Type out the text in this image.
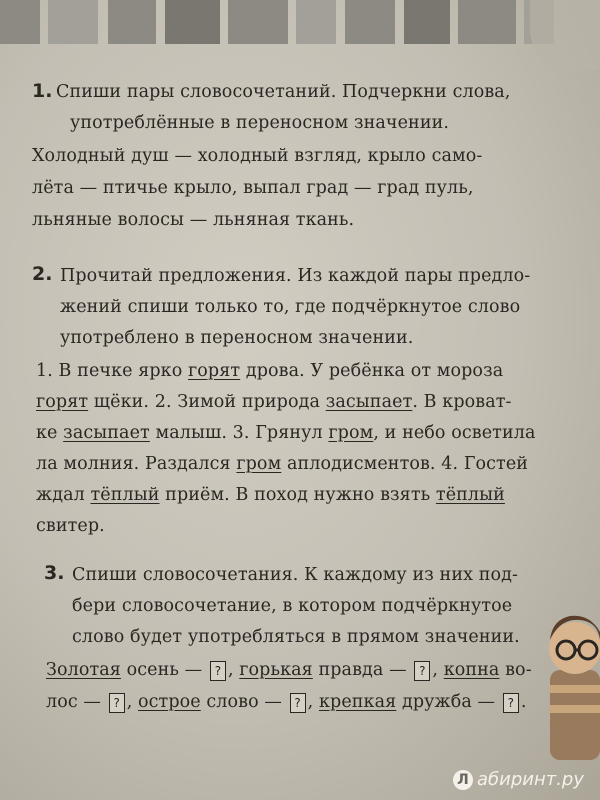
1. Спиши пары словосочетаний. Подчеркни слова,
употреблённые в переносном значении.
Холодный душ — холодный взгляд, крыло само-
лёта — птичье крыло, выпал град — град пуль,
льняные волосы — льняная ткань.
2. Прочитай предложения. Из каждой пары предло-
жений спиши только то, где подчёркнутое слово
употреблено в переносном значении.
1. В печке ярко горят дрова. У ребёнка от мороза
горят щёки. 2. Зимой природа засыпает. В кроват-
ке засыпает малыш. 3. Грянул гром, и небо осветила
ла молния. Раздался гром аплодисментов. 4. Гостей
ждал тёплый приём. В поход нужно взять тёплый
свитер.
3. Спиши словосочетания. К каждому из них под-
бери словосочетание, в котором подчёркнутое
слово будет употребляться в прямом значении.
Золотая осень — ? , горькая правда — ? , копна во-
лос — ? , острое слово — ? , крепкая дружба — ? .
Л абиринт.ру
